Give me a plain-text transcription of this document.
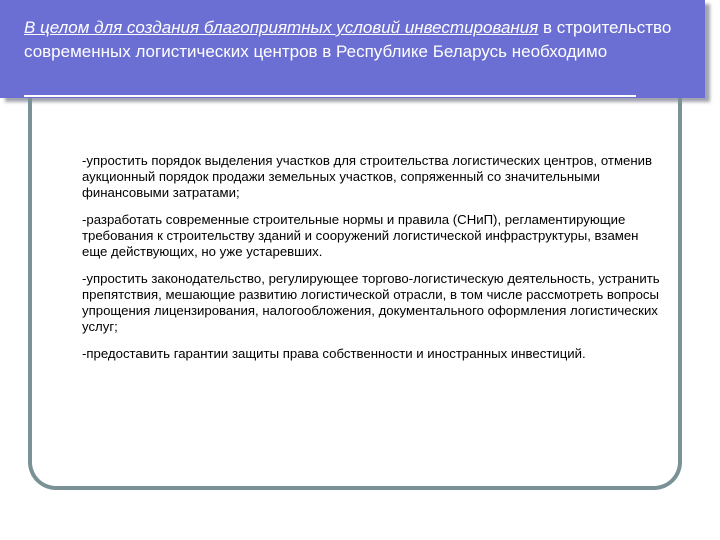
В целом для создания благоприятных условий инвестирования в строительство современных логистических центров в Республике Беларусь необходимо

-упростить порядок выделения участков для строительства логистических центров, отменив аукционный порядок продажи земельных участков, сопряженный со значительными финансовыми затратами;

-разработать современные строительные нормы и правила (СНиП), регламентирующие требования к строительству зданий и сооружений логистической инфраструктуры, взамен еще действующих, но уже устаревших.

-упростить законодательство, регулирующее торгово-логистическую деятельность, устранить препятствия, мешающие развитию логистической отрасли, в том числе рассмотреть вопросы упрощения лицензирования, налогообложения, документального оформления логистических услуг;

-предоставить гарантии защиты права собственности и иностранных инвестиций.
